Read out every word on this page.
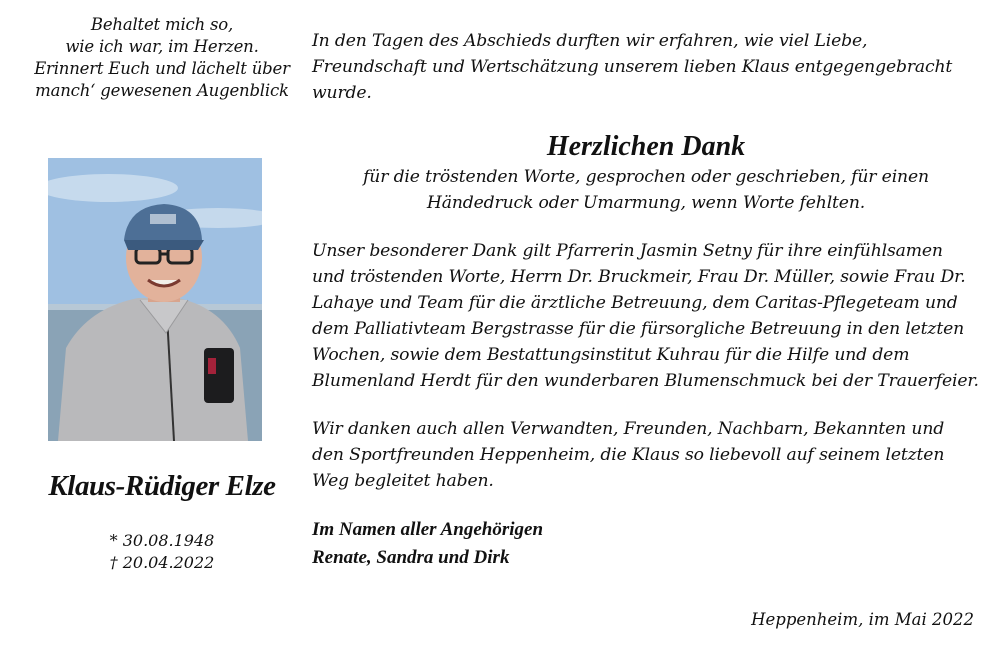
Behaltet mich so,
wie ich war, im Herzen.
Erinnert Euch und lächelt über
manch‘ gewesenen Augenblick
Klaus-Rüdiger Elze
* 30.08.1948
† 20.04.2022

In den Tagen des Abschieds durften wir erfahren, wie viel Liebe, Freundschaft und Wertschätzung unserem lieben Klaus entgegengebracht wurde.

Herzlichen Dank

für die tröstenden Worte, gesprochen oder geschrieben, für einen Händedruck oder Umarmung, wenn Worte fehlten.

Unser besonderer Dank gilt Pfarrerin Jasmin Setny für ihre einfühlsamen und tröstenden Worte, Herrn Dr. Bruckmeir, Frau Dr. Müller, sowie Frau Dr. Lahaye und Team für die ärztliche Betreuung, dem Caritas-Pflegeteam und dem Palliativteam Bergstrasse für die fürsorgliche Betreuung in den letzten Wochen, sowie dem Bestattungsinstitut Kuhrau für die Hilfe und dem Blumenland Herdt für den wunderbaren Blumenschmuck bei der Trauerfeier.

Wir danken auch allen Verwandten, Freunden, Nachbarn, Bekannten und den Sportfreunden Heppenheim, die Klaus so liebevoll auf seinem letzten Weg begleitet haben.

Im Namen aller Angehörigen
Renate, Sandra und Dirk
Heppenheim, im Mai 2022
